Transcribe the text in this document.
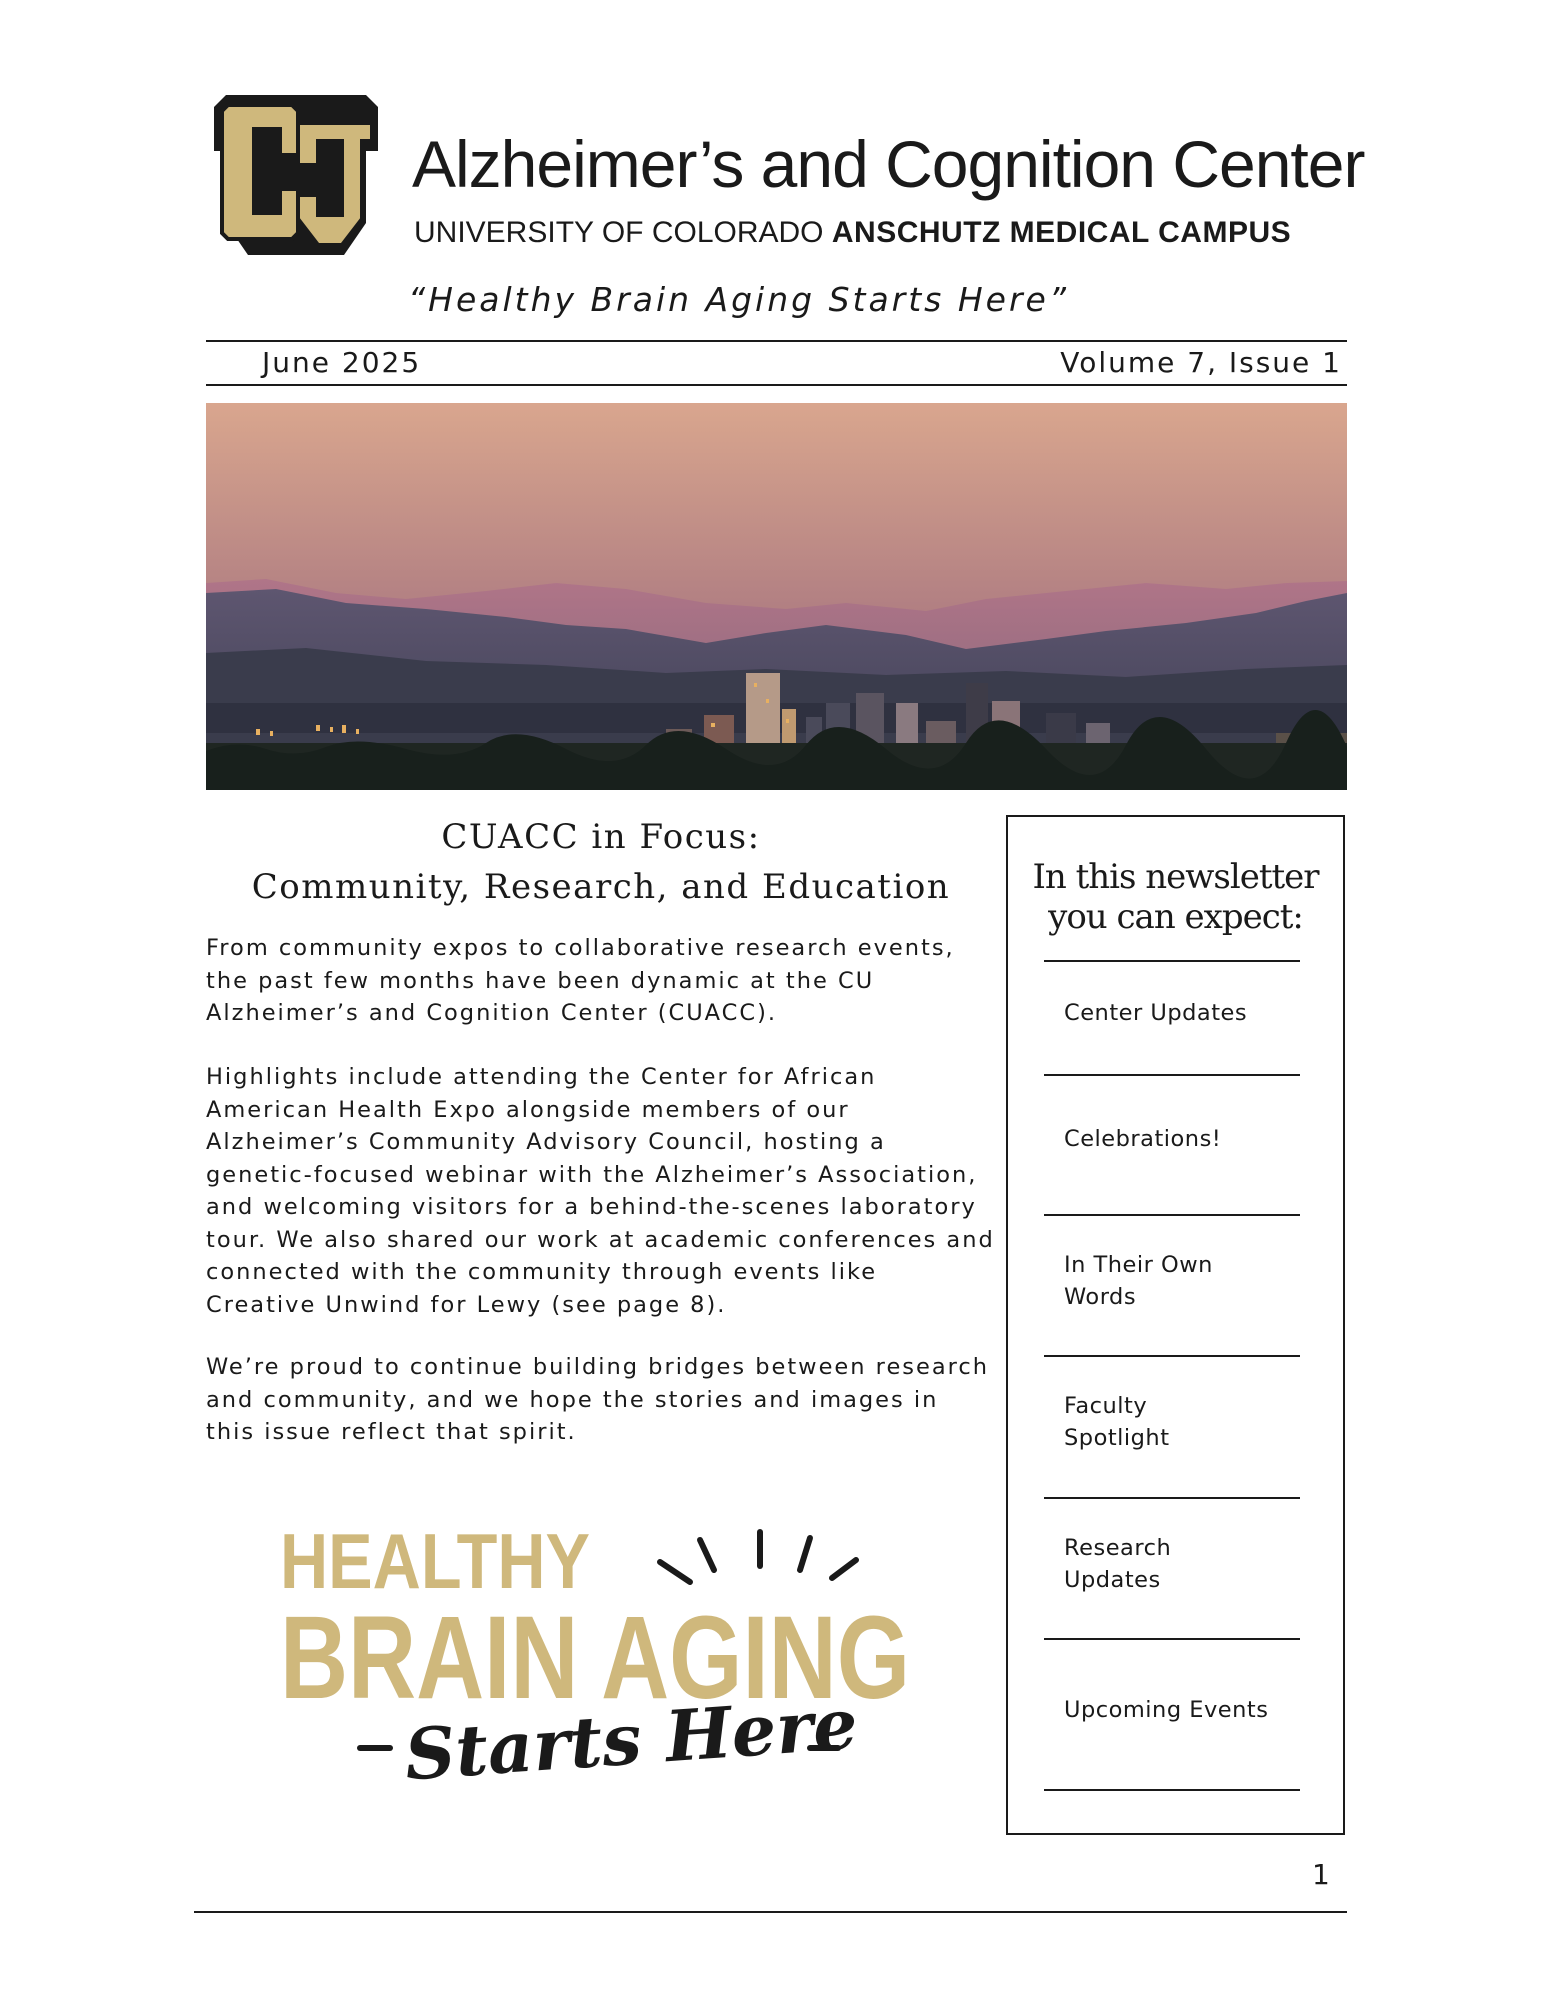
Alzheimer’s and Cognition Center
UNIVERSITY OF COLORADO ANSCHUTZ MEDICAL CAMPUS
“Healthy Brain Aging Starts Here”
June 2025	Volume 7, Issue 1
CUACC in Focus:
Community, Research, and Education

From community expos to collaborative research events, the past few months have been dynamic at the CU Alzheimer’s and Cognition Center (CUACC).

Highlights include attending the Center for African American Health Expo alongside members of our Alzheimer’s Community Advisory Council, hosting a genetic-focused webinar with the Alzheimer’s Association, and welcoming visitors for a behind-the-scenes laboratory tour. We also shared our work at academic conferences and connected with the community through events like Creative Unwind for Lewy (see page 8).

We’re proud to continue building bridges between research and community, and we hope the stories and images in this issue reflect that spirit.

HEALTHY
BRAIN AGING
Starts Here
In this newsletter
you can expect:
Center Updates
Celebrations!
In Their Own
Words
Faculty
Spotlight
Research
Updates
Upcoming Events
1
